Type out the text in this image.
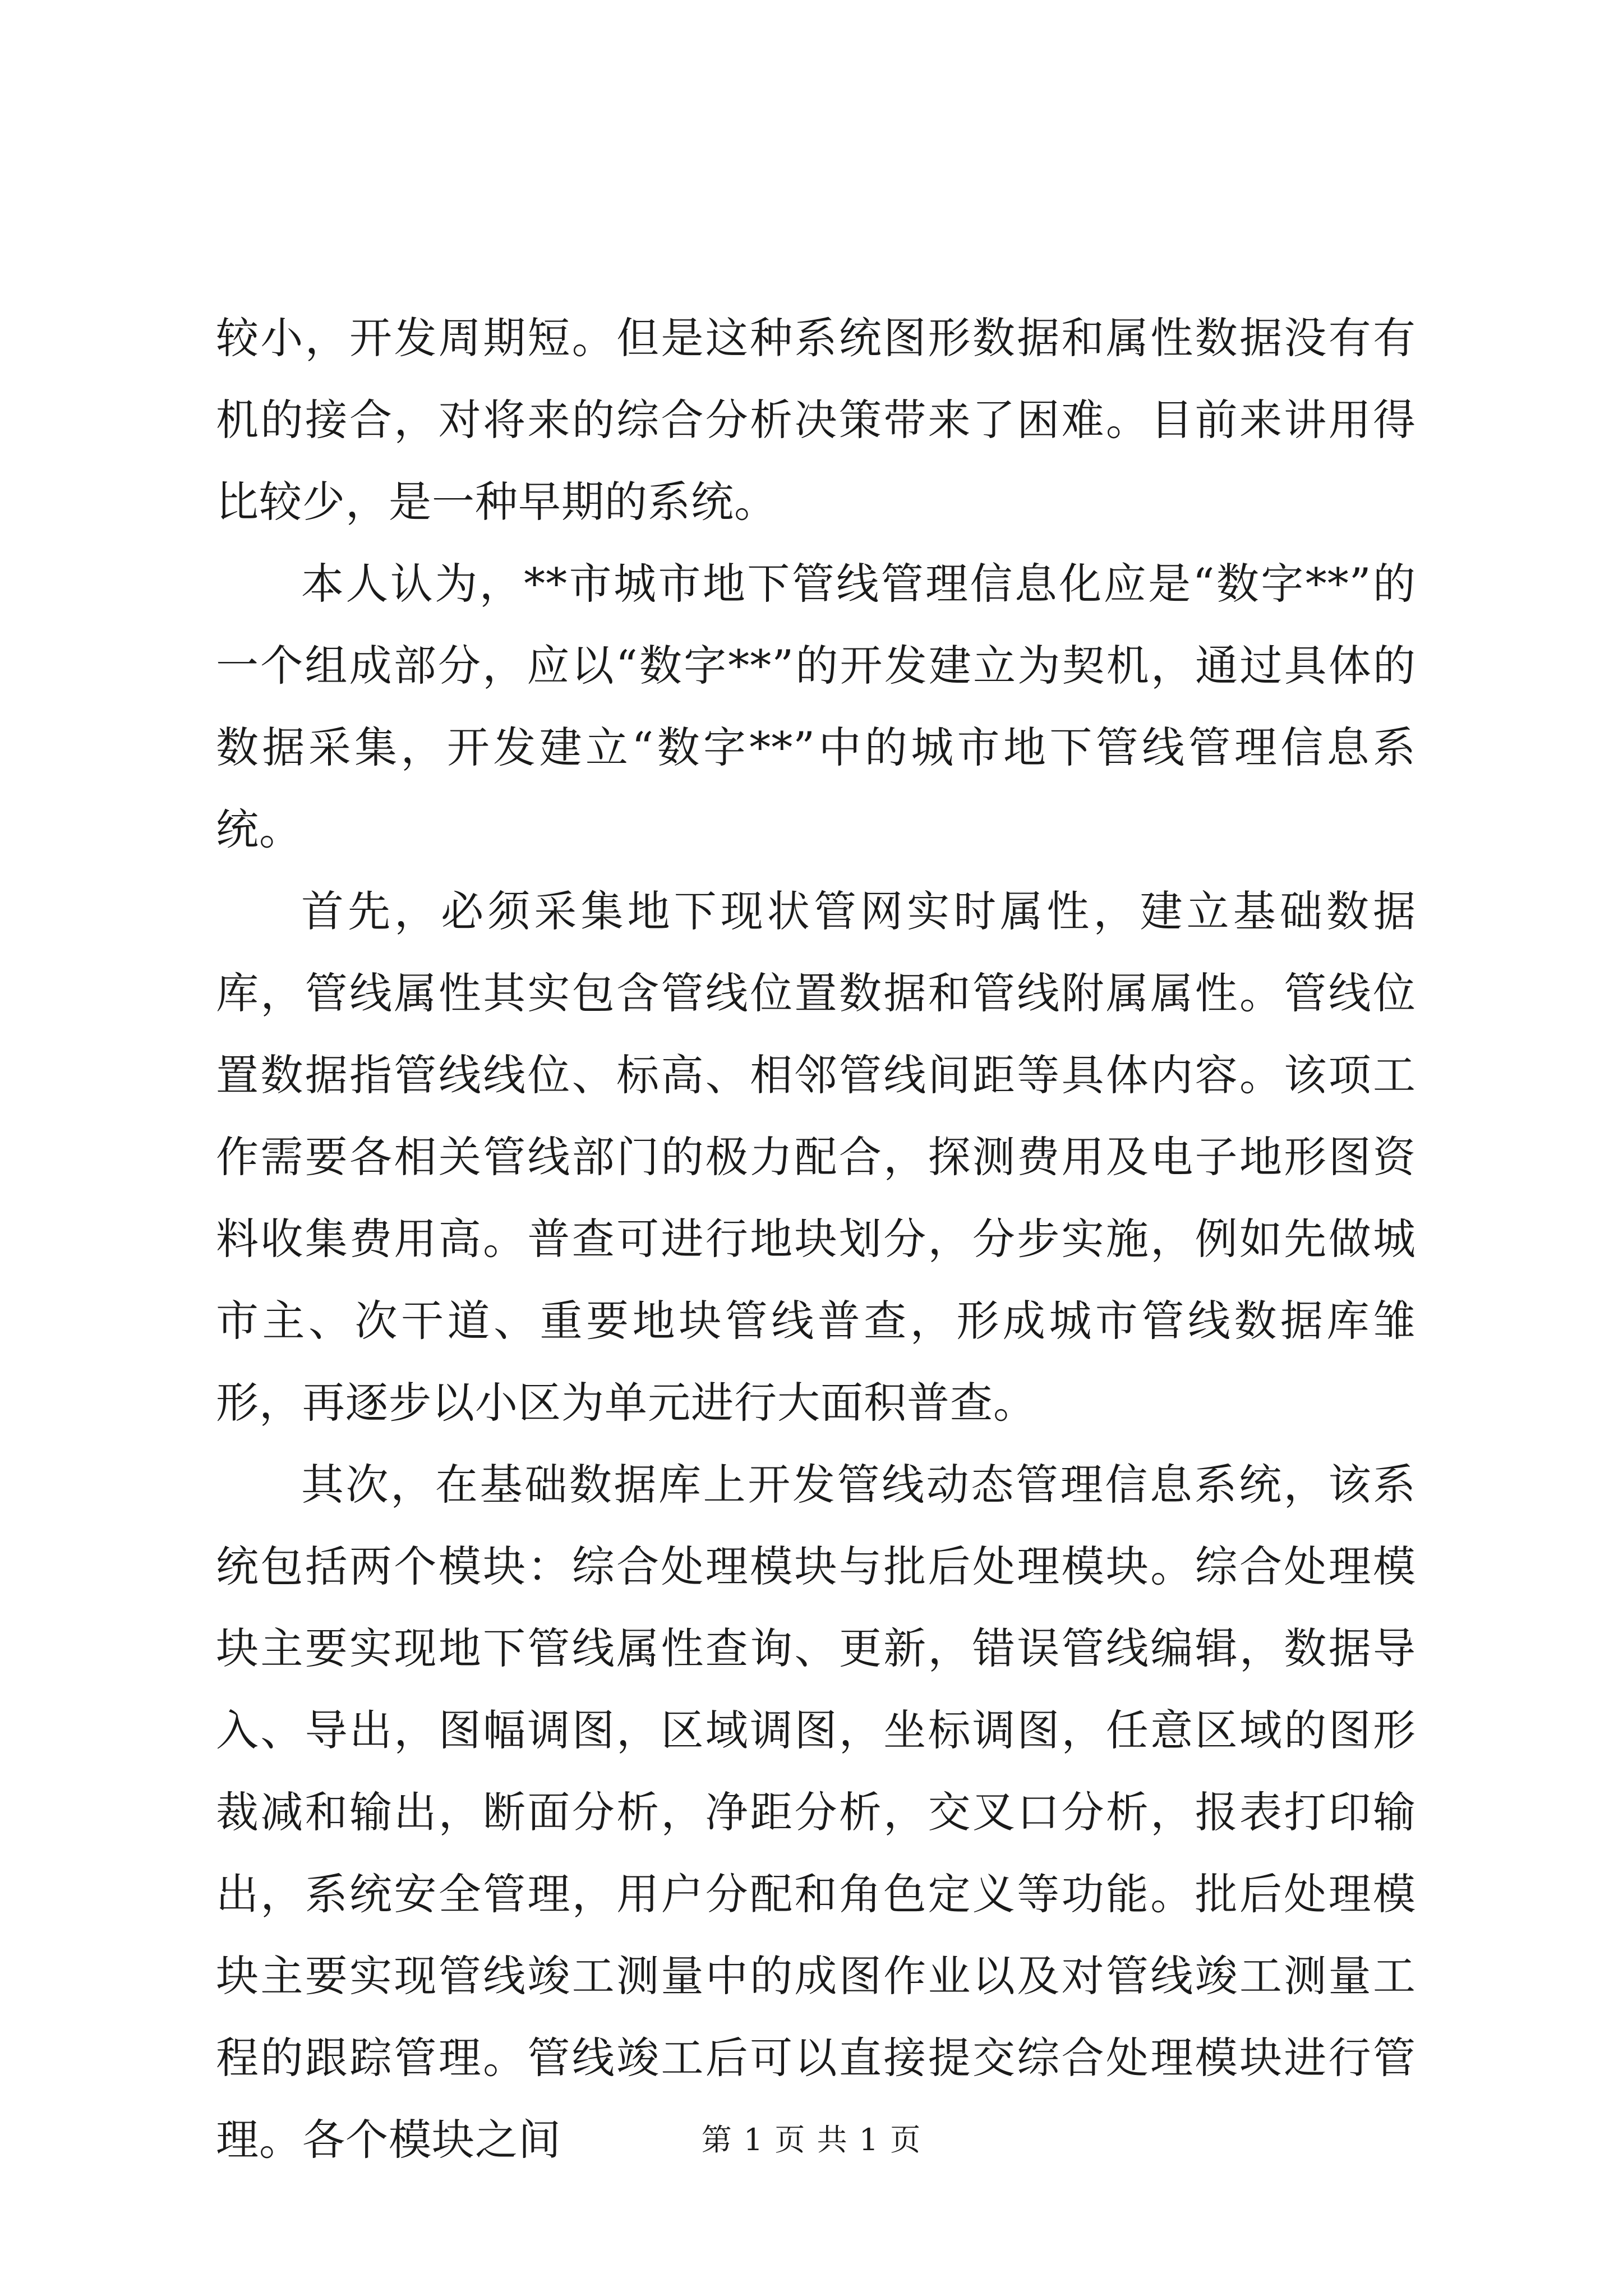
较小，开发周期短。但是这种系统图形数据和属性数据没有有机的接合，对将来的综合分析决策带来了困难。目前来讲用得比较少，是一种早期的系统。

本人认为，**市城市地下管线管理信息化应是“数字**”的一个组成部分，应以“数字**”的开发建立为契机，通过具体的数据采集，开发建立“数字**”中的城市地下管线管理信息系统。

首先，必须采集地下现状管网实时属性，建立基础数据库，管线属性其实包含管线位置数据和管线附属属性。管线位置数据指管线线位、标高、相邻管线间距等具体内容。该项工作需要各相关管线部门的极力配合，探测费用及电子地形图资料收集费用高。普查可进行地块划分，分步实施，例如先做城市主、次干道、重要地块管线普查，形成城市管线数据库雏形，再逐步以小区为单元进行大面积普查。

其次，在基础数据库上开发管线动态管理信息系统，该系统包括两个模块：综合处理模块与批后处理模块。综合处理模块主要实现地下管线属性查询、更新，错误管线编辑，数据导入、导出，图幅调图，区域调图，坐标调图，任意区域的图形裁减和输出，断面分析，净距分析，交叉口分析，报表打印输出，系统安全管理，用户分配和角色定义等功能。批后处理模块主要实现管线竣工测量中的成图作业以及对管线竣工测量工程的跟踪管理。管线竣工后可以直接提交综合处理模块进行管理。各个模块之间	第 1 页 共 1 页
